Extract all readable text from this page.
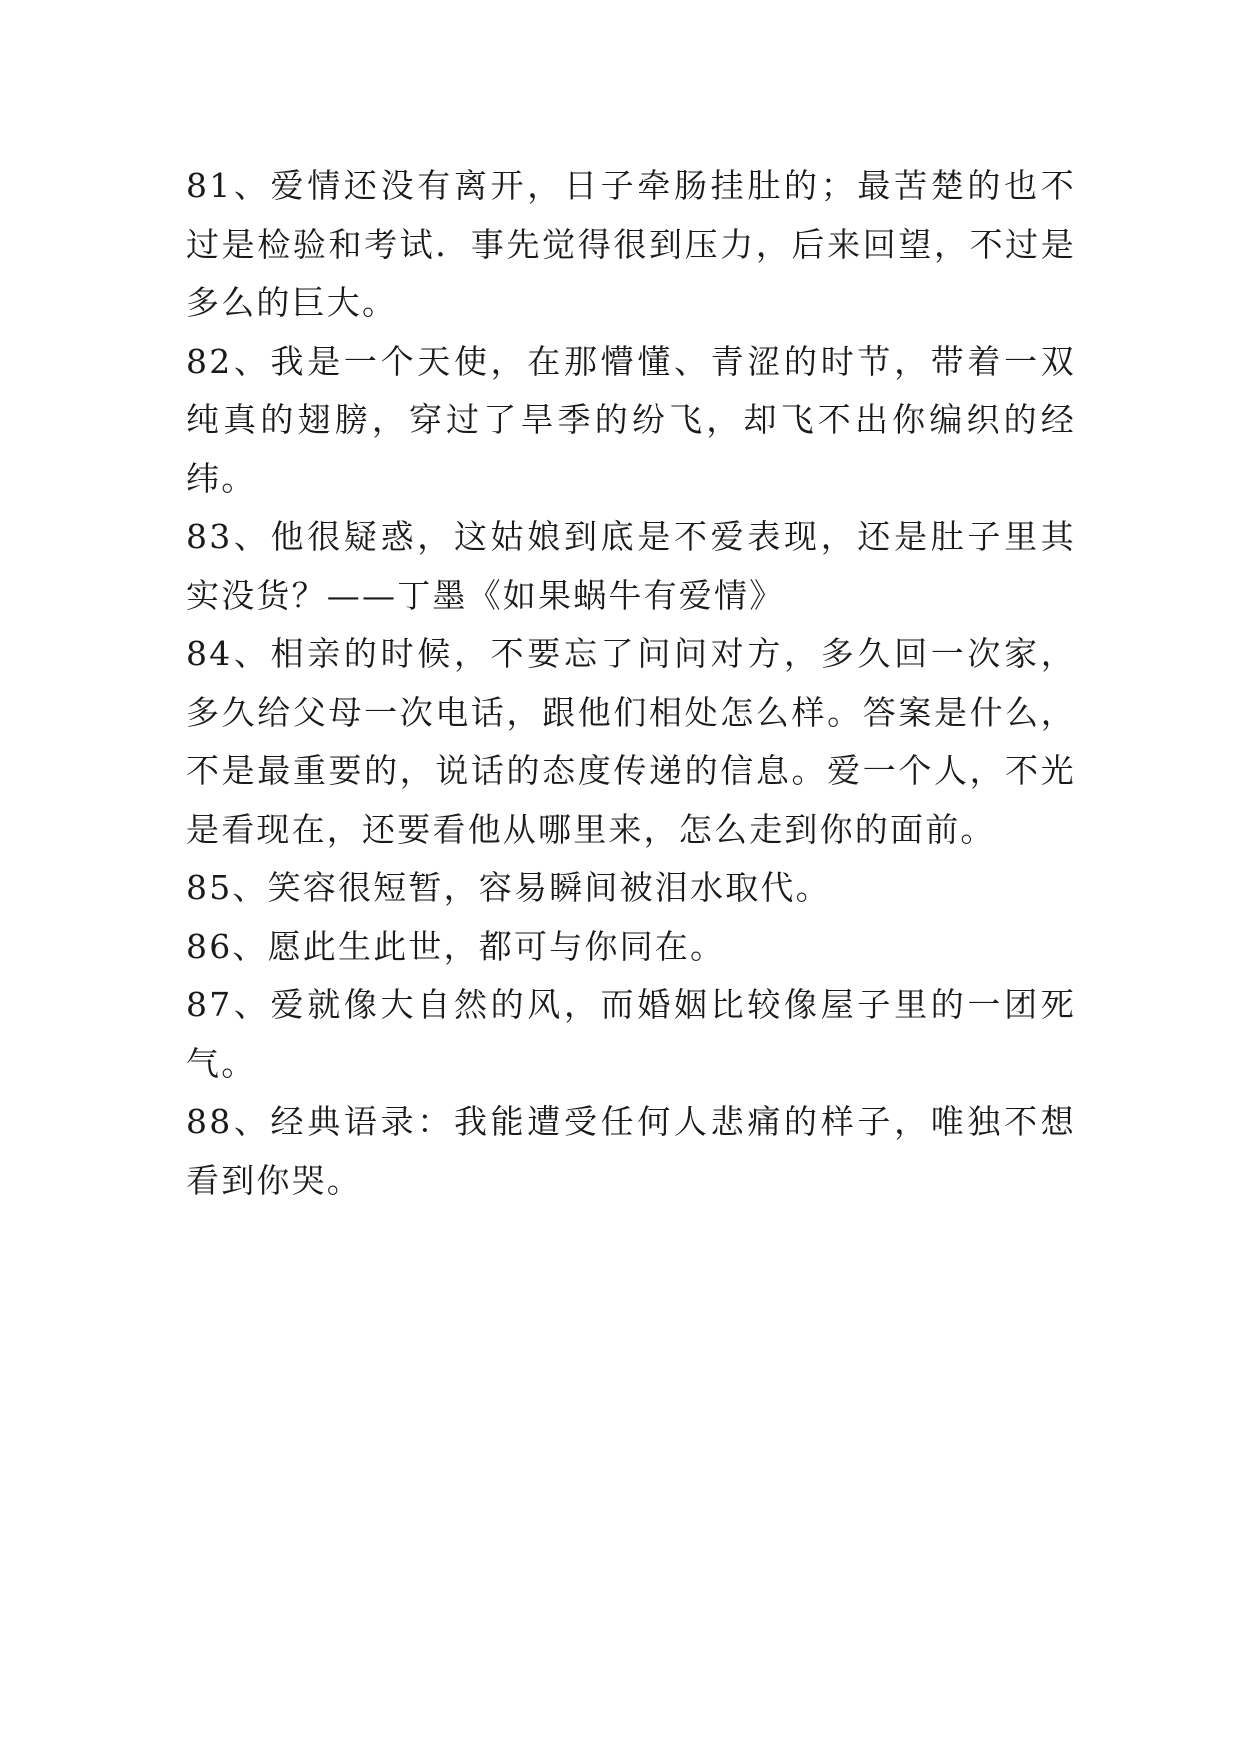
81、爱情还没有离开，日子牵肠挂肚的；最苦楚的也不过是检验和考试．事先觉得很到压力，后来回望，不过是多么的巨大。

82、我是一个天使，在那懵懂、青涩的时节，带着一双纯真的翅膀，穿过了旱季的纷飞，却飞不出你编织的经纬。

83、他很疑惑，这姑娘到底是不爱表现，还是肚子里其实没货？——丁墨《如果蜗牛有爱情》

84、相亲的时候，不要忘了问问对方，多久回一次家，多久给父母一次电话，跟他们相处怎么样。答案是什么，不是最重要的，说话的态度传递的信息。爱一个人，不光是看现在，还要看他从哪里来，怎么走到你的面前。

85、笑容很短暂，容易瞬间被泪水取代。

86、愿此生此世，都可与你同在。

87、爱就像大自然的风，而婚姻比较像屋子里的一团死气。

88、经典语录：我能遭受任何人悲痛的样子，唯独不想看到你哭。
